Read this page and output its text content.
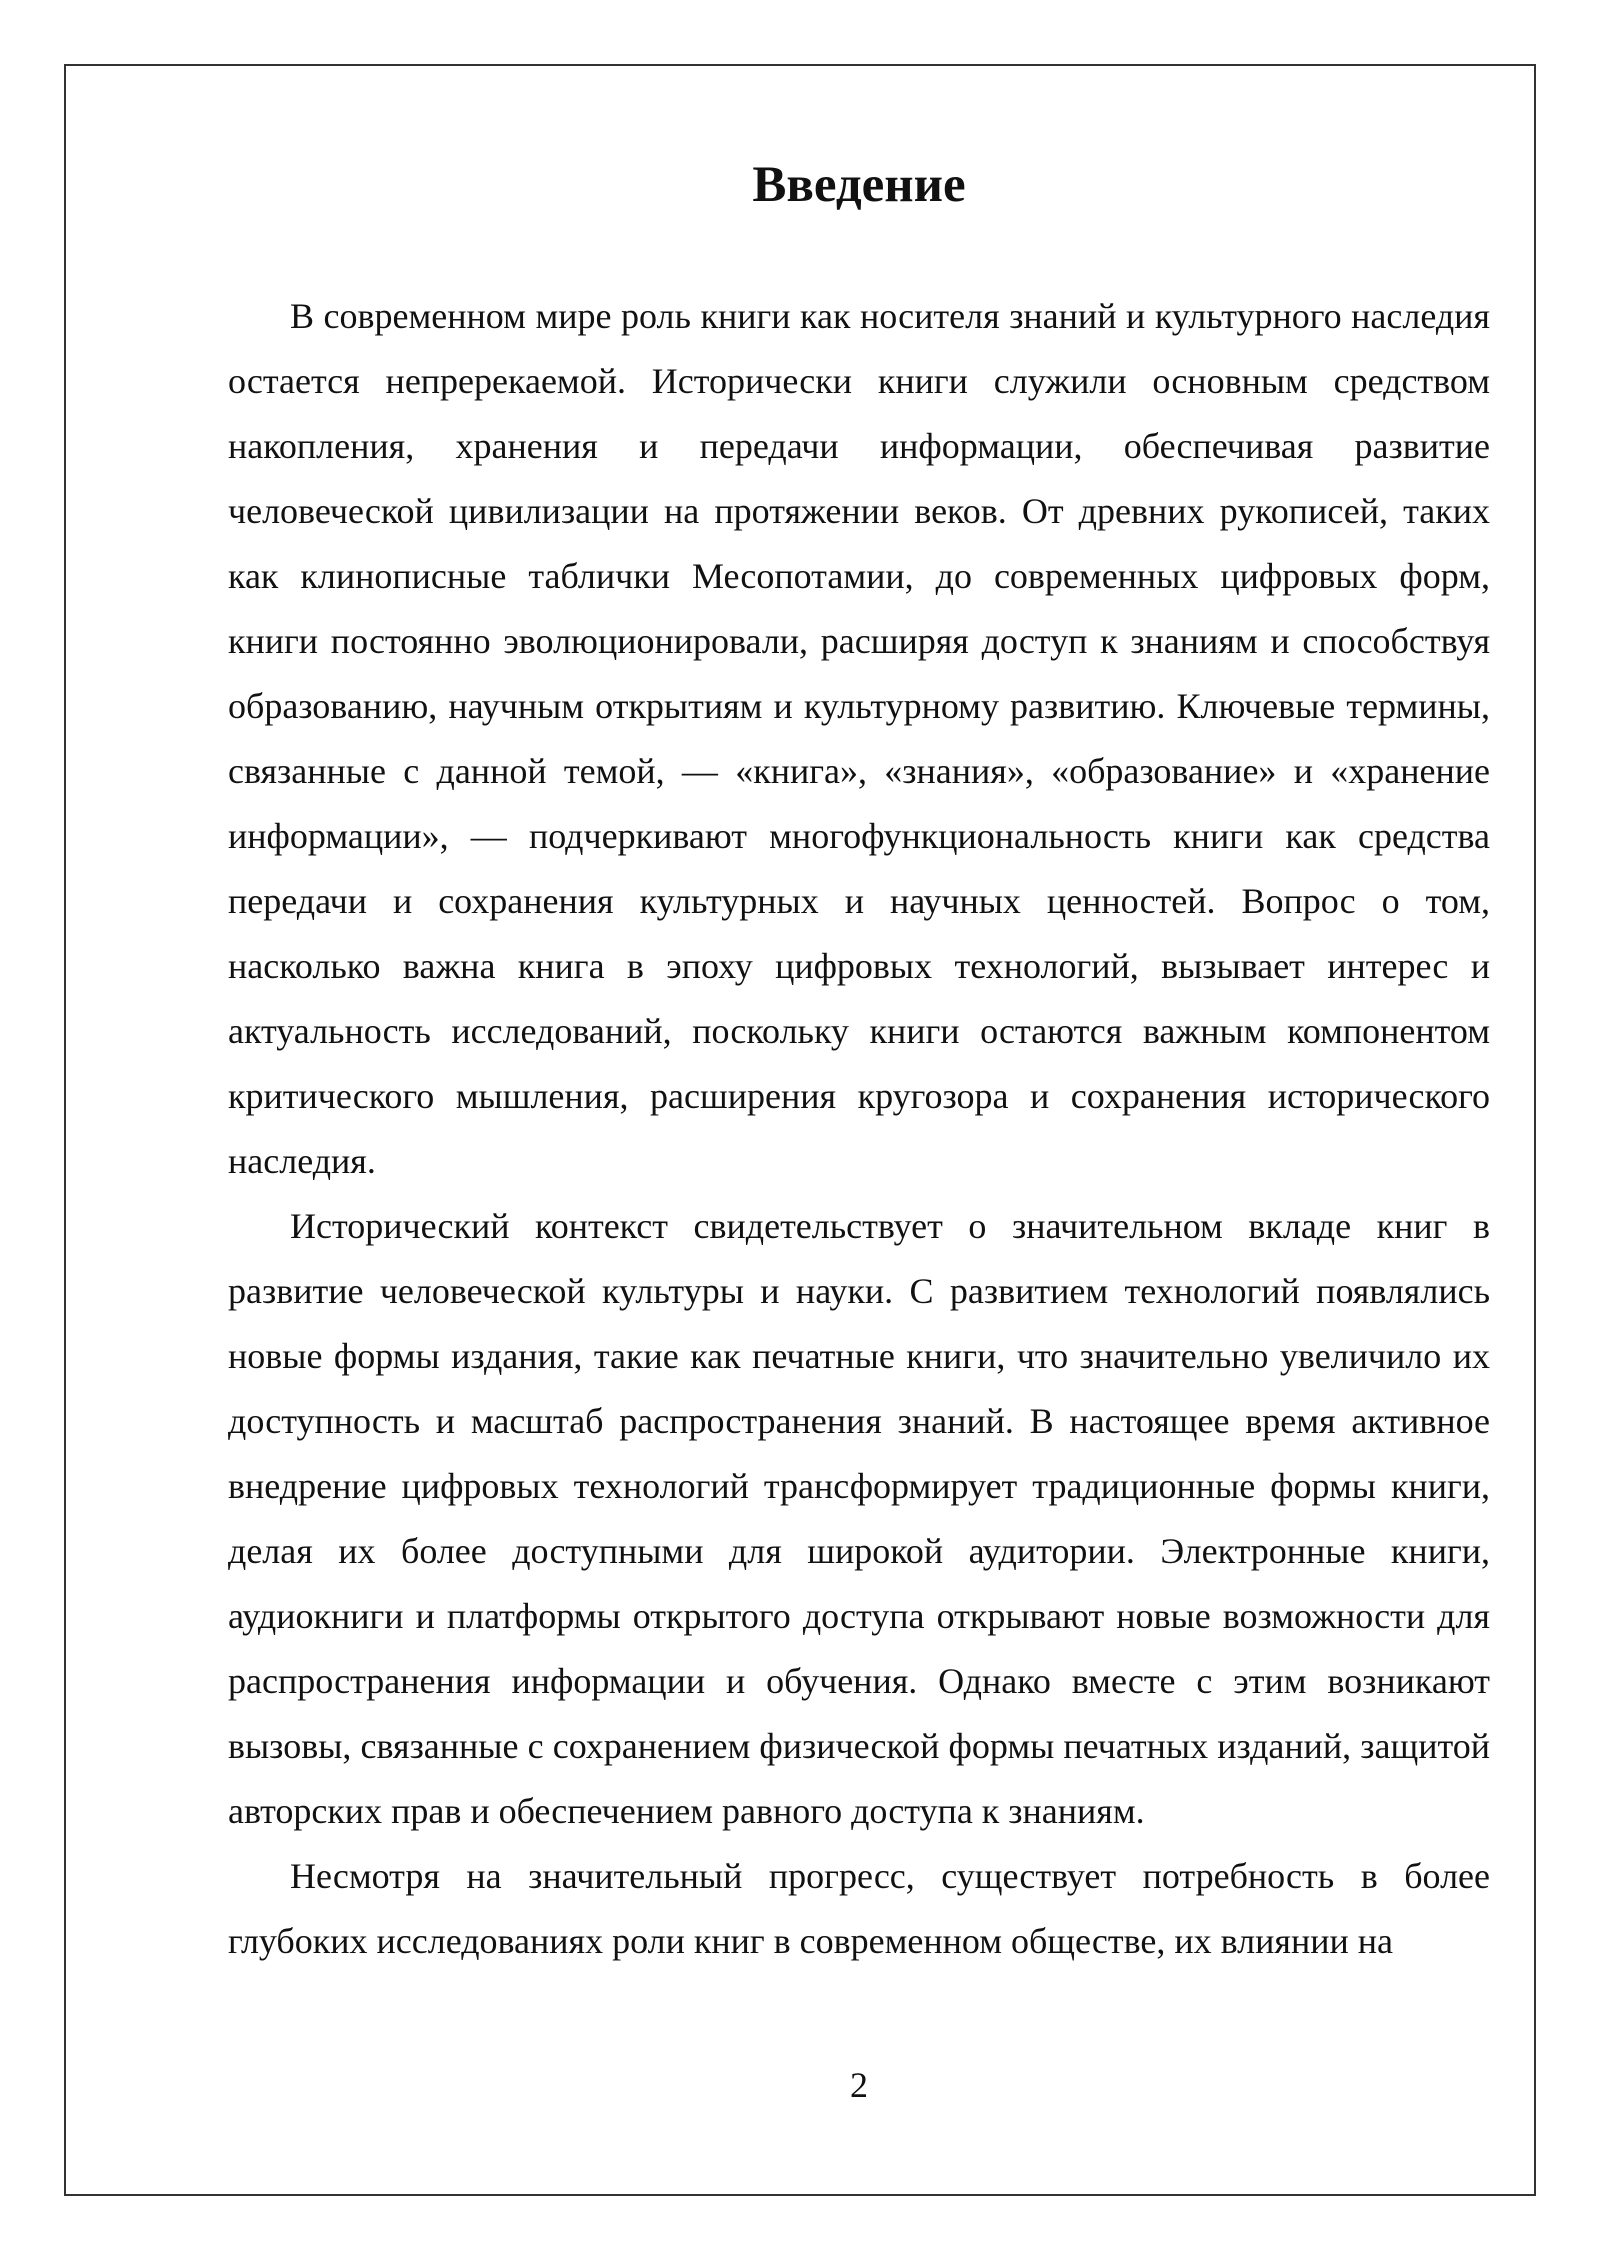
Введение

В современном мире роль книги как носителя знаний и культурного наследия остается непререкаемой. Исторически книги служили основным средством накопления, хранения и передачи информации, обеспечивая развитие человеческой цивилизации на протяжении веков. От древних рукописей, таких как клинописные таблички Месопотамии, до современных цифровых форм, книги постоянно эволюционировали, расширяя доступ к знаниям и способствуя образованию, научным открытиям и культурному развитию. Ключевые термины, связанные с данной темой, — «книга», «знания», «образование» и «хранение информации», — подчеркивают многофункциональность книги как средства передачи и сохранения культурных и научных ценностей. Вопрос о том, насколько важна книга в эпоху цифровых технологий, вызывает интерес и актуальность исследований, поскольку книги остаются важным компонентом критического мышления, расширения кругозора и сохранения исторического наследия.

Исторический контекст свидетельствует о значительном вкладе книг в развитие человеческой культуры и науки. С развитием технологий появлялись новые формы издания, такие как печатные книги, что значительно увеличило их доступность и масштаб распространения знаний. В настоящее время активное внедрение цифровых технологий трансформирует традиционные формы книги, делая их более доступными для широкой аудитории. Электронные книги, аудиокниги и платформы открытого доступа открывают новые возможности для распространения информации и обучения. Однако вместе с этим возникают вызовы, связанные с сохранением физической формы печатных изданий, защитой авторских прав и обеспечением равного доступа к знаниям.

Несмотря на значительный прогресс, существует потребность в более глубоких исследованиях роли книг в современном обществе, их влиянии на

2
